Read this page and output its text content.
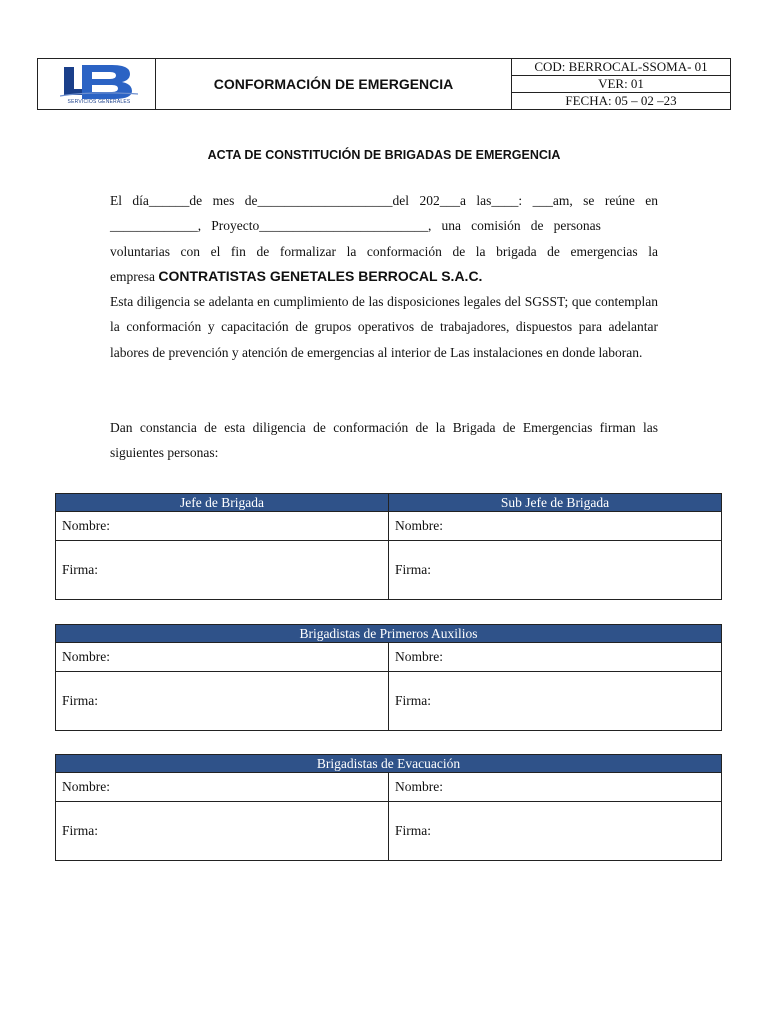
SERVICIOS GENERALES
CONFORMACIÓN DE EMERGENCIA
COD: BERROCAL-SSOMA- 01
VER: 01
FECHA: 05 – 02 –23
ACTA DE CONSTITUCIÓN DE BRIGADAS DE EMERGENCIA
El día______de mes de____________________del 202___a las____: ___am, se reúne en
_____________,   Proyecto_________________________,   una   comisión   de   personas
voluntarias con el fin de formalizar la conformación de la brigada de emergencias la
empresa CONTRATISTAS GENETALES BERROCAL S.A.C.
Esta diligencia se adelanta en cumplimiento de las disposiciones legales del SGSST; que contemplan la conformación y capacitación de grupos operativos de trabajadores, dispuestos para adelantar labores de prevención y atención de emergencias al interior de Las instalaciones en donde laboran.
Dan constancia de esta diligencia de conformación de la Brigada de Emergencias firman las siguientes personas:
Jefe de Brigada	Sub Jefe de Brigada
Nombre:	Nombre:
Firma:	Firma:
Brigadistas de Primeros Auxilios	
Nombre:	Nombre:
Firma:	Firma:
Brigadistas de Evacuación	
Nombre:	Nombre:
Firma:	Firma:
